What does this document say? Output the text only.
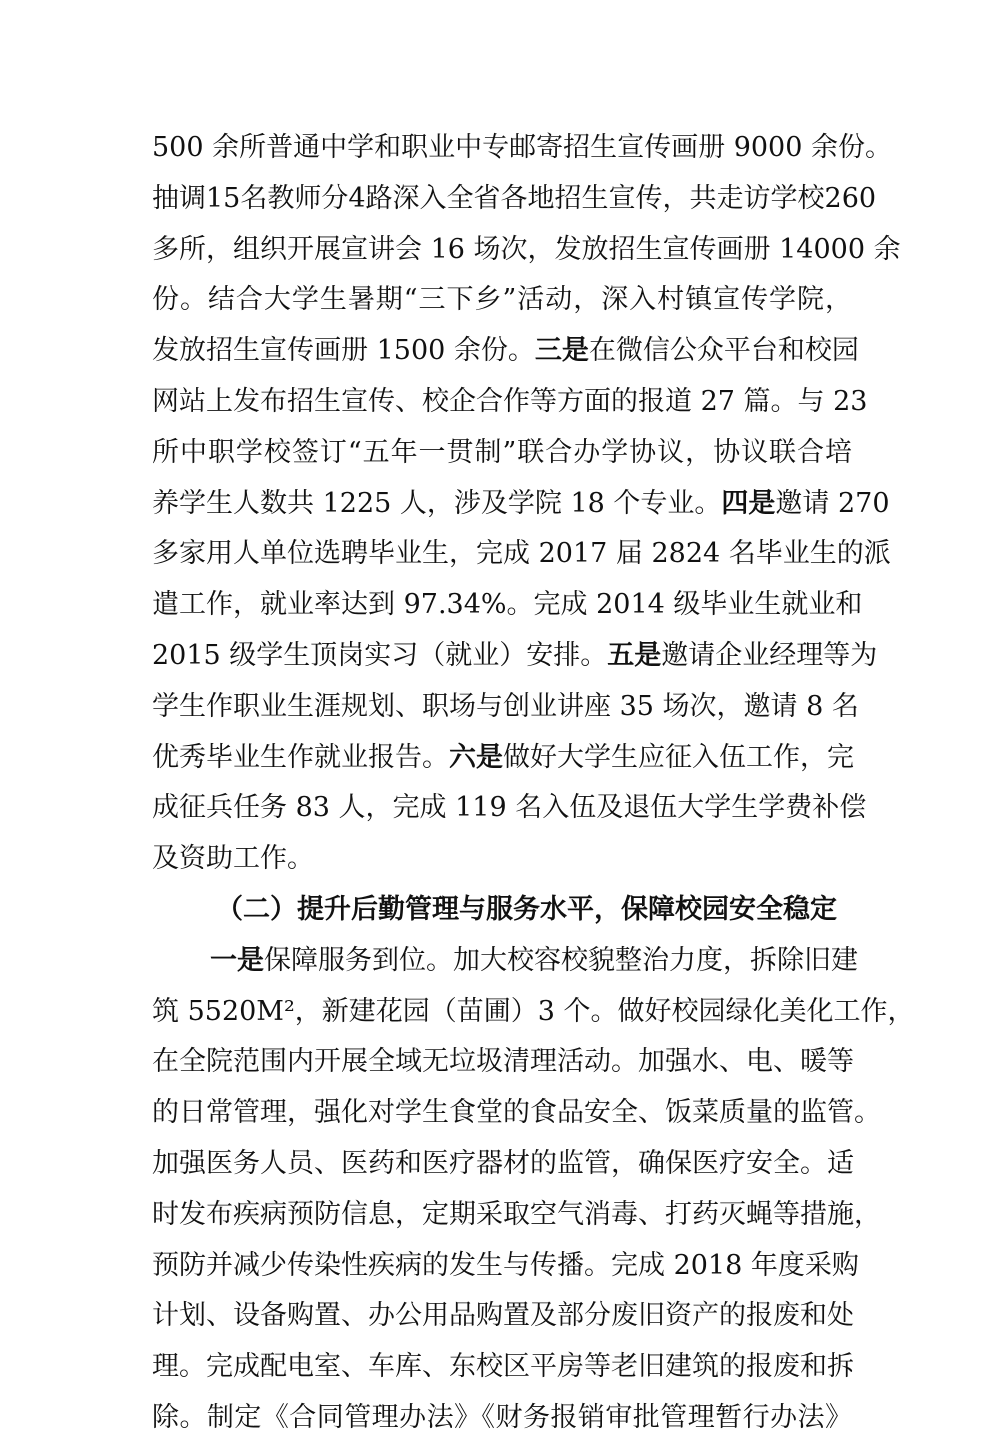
500 余所普通中学和职业中专邮寄招生宣传画册 9000 余份。
抽调15名教师分4路深入全省各地招生宣传，共走访学校260
多所，组织开展宣讲会 16 场次，发放招生宣传画册 14000 余
份。结合大学生暑期“三下乡”活动，深入村镇宣传学院，
发放招生宣传画册 1500 余份。三是在微信公众平台和校园
网站上发布招生宣传、校企合作等方面的报道 27 篇。与 23
所中职学校签订“五年一贯制”联合办学协议，协议联合培
养学生人数共 1225 人，涉及学院 18 个专业。四是邀请 270
多家用人单位选聘毕业生，完成 2017 届 2824 名毕业生的派
遣工作，就业率达到 97.34%。完成 2014 级毕业生就业和
2015 级学生顶岗实习（就业）安排。五是邀请企业经理等为
学生作职业生涯规划、职场与创业讲座 35 场次，邀请 8 名
优秀毕业生作就业报告。六是做好大学生应征入伍工作，完
成征兵任务 83 人，完成 119 名入伍及退伍大学生学费补偿
及资助工作。
（二）提升后勤管理与服务水平，保障校园安全稳定
一是保障服务到位。加大校容校貌整治力度，拆除旧建
筑 5520M²，新建花园（苗圃）3 个。做好校园绿化美化工作，
在全院范围内开展全域无垃圾清理活动。加强水、电、暖等
的日常管理，强化对学生食堂的食品安全、饭菜质量的监管。
加强医务人员、医药和医疗器材的监管，确保医疗安全。适
时发布疾病预防信息，定期采取空气消毒、打药灭蝇等措施，
预防并减少传染性疾病的发生与传播。完成 2018 年度采购
计划、设备购置、办公用品购置及部分废旧资产的报废和处
理。完成配电室、车库、东校区平房等老旧建筑的报废和拆
除。制定《合同管理办法》《财务报销审批管理暂行办法》
